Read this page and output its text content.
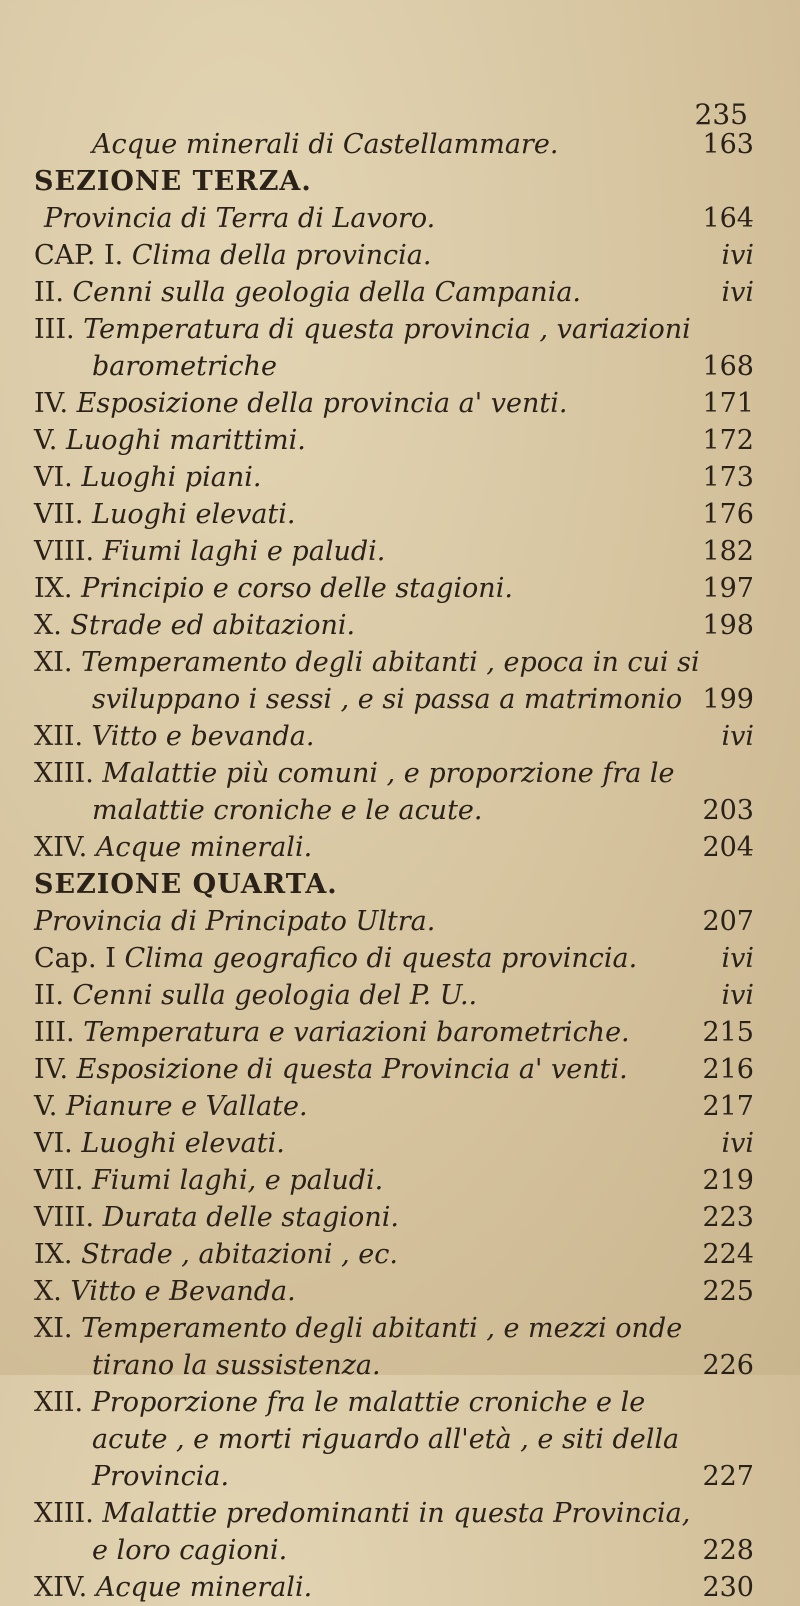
235
Acque minerali di Castellammare.	163
SEZIONE TERZA.
Provincia di Terra di Lavoro.	164
CAP. I. Clima della provincia.	ivi
II. Cenni sulla geologia della Campania.	ivi
III. Temperatura di questa provincia , variazioni
barometriche	168
IV. Esposizione della provincia a' venti.	171
V. Luoghi marittimi.	172
VI. Luoghi piani.	173
VII. Luoghi elevati.	176
VIII. Fiumi laghi e paludi.	182
IX. Principio e corso delle stagioni.	197
X. Strade ed abitazioni.	198
XI. Temperamento degli abitanti , epoca in cui si
sviluppano i sessi , e si passa a matrimonio 199
XII. Vitto e bevanda.	ivi
XIII. Malattie più comuni , e proporzione fra le
malattie croniche e le acute.	203
XIV. Acque minerali.	204
SEZIONE QUARTA.
Provincia di Principato Ultra.	207
Cap. I Clima geografico di questa provincia.	ivi
II. Cenni sulla geologia del P. U..	ivi
III. Temperatura e variazioni barometriche.	215
IV. Esposizione di questa Provincia a' venti.	216
V. Pianure e Vallate.	217
VI. Luoghi elevati.	ivi
VII. Fiumi laghi, e paludi.	219
VIII. Durata delle stagioni.	223
IX. Strade , abitazioni , ec.	224
X. Vitto e Bevanda.	225
XI. Temperamento degli abitanti , e mezzi onde
tirano la sussistenza.	226
XII. Proporzione fra le malattie croniche e le
acute , e morti riguardo all'età , e siti della
Provincia.	227
XIII. Malattie predominanti in questa Provincia,
e loro cagioni.	228
XIV. Acque minerali.	230
